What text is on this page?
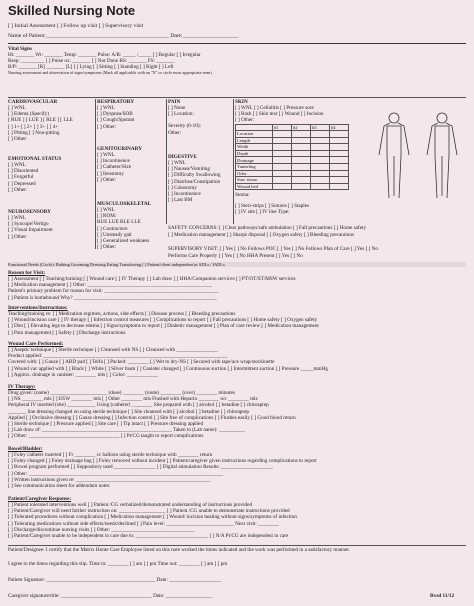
Skilled Nursing Note
[ ] Initial Assessment [ ] Follow up visit [ ] Supervisory visit
Name of Patient:____________________________________________ Date:____________________
Vital Signs
Ht: _______ Wt: _______ Temp: _______ Pulse: A/R: _____ /_____ [ ] Regular [ ] Irregular
Resp: _________ [ ] Pulse ox: _______ [ ] Not Done BS: _______ FS: _______
B/P: _______ [R] _______ [L] [ ] Lying [ ] Sitting [ ] Standing [ ] Right [ ] Left
Nursing assessment and observation of signs/symptoms (Mark all applicable with an "X" or circle most appropriate term)
CARDIOVASCULAR
[ ] WNL
[ ] Edema (Specify)
[ RUE ] [ LUE ] [ RLE ] [ LLE
[ ] 1+ [ ] 2+ [ ] 3+ [ ] 4+
[ ] Pitting [ ] Non-pitting
[ ] Other:
RESPIRATORY
[ ] WNL
[ ] Dyspnea/SOB
[ ] Cough/Sputum
[ ] Other:
PAIN
[ ] None
[ ] Location:
Severity (0-10):
Other:
EMOTIONAL STATUS
[ ] WNL
[ ] Disoriented
[ ] Forgetful
[ ] Depressed
[ ] Other:
GENITOURINARY
[ ] WNL
[ ] Incontinence
[ ] Catheter/Size
[ ] Ileostomy
[ ] Other:
DIGESTIVE
[ ] WNL
[ ] Nausea/Vomiting
[ ] Difficulty Swallowing
[ ] Diarrhea/Constipation
[ ] Colostomy
[ ] Incontinence
[ ] Last BM
NEUROSENSORY
[ ] WNL
[ ] Syncope/Vertigo
[ ] Visual Impairment
[ ] Other:
MUSCULOSKELETAL
[ ] WNL
[ ] ROM:
RUE LUE RLE LLE
[ ] Contracture
[ ] Unsteady gait
[ ] Generalized weakness
[ ] Other:
SKIN
[ ] WNL [ ] Cellulitis [ ] Pressure sore
[ ] Rash [ ] Skin tear [ ] Wound [ ] Incision
[ ] Other:
	#1	#2	#3	#4
Location				
Length				
Width				
Depth				
Drainage				
Tunneling				
Odor				
Surr. tissue				
Wound bed				
Stoma:
[ ] Steri-strips [ ] Sutures [ ] Staples
[ ] IV site [ ] IV line Type:
SAFETY CONCERNS: [ ] Clear pathways/safe ambulation [ ] Fall precautions [ ] Home safety
[ ] Medication management [ ] Sharps disposal [ ] Oxygen safety [ ] Bleeding precautions
SUPERVISORY VISIT: [ ] Yes [ ] No Follows POC [ ] Yes [ ] No Follows Plan of Care [ ] Yes [ ] No
Performs Care Properly [ ] Yes [ ] No HHA Present [ ] Yes [ ] No
Functional Needs (Circle): Bathing Grooming Dressing Eating Transferring [ ] Patient/client independent in ADLs / IADLs
Reason for Visit:
[ ] Assessment [ ] Teaching/training [ ] Wound care [ ] IV Therapy [ ] Lab draw [ ] HHA/Companion services [ ] PT/OT/ST/MSW services
[ ] Medication management [ ] Other: ________________________________________________
Patient's primary problem for reason for visit: ____________________________________________
[ ] Patient is homebound Why? _______________________________________________________
Interventions/Instructions:
Teaching/training re: [ ] Medication regimen, actions, side effects [ ] Disease process [ ] Bleeding precautions
[ ] Wound/incision care [ ] IV therapy [ ] Infection control measures [ ] Complications to report [ ] Fall precautions [ ] Home safety [ ] Oxygen safety
[ ] Diet [ ] Elevating legs to decrease edema [ ] Signs/symptoms to report [ ] Diabetic management [ ] Plan of care review [ ] Medication management
[ ] Pain management [ ] Safety [ ] Discharge instructions
Wound Care Performed:
[ ] Aseptic technique [ ] Sterile technique [ ] Cleansed with NS [ ] Cleansed with ________________
Product applied: _______________________________________________________________________
Covered with: [ ] Gauze [ ] ABD pad [ ] Telfa [ ] Packed: ________ [ ] Wet to dry-NS [ ] Secured with tape/ace wrap/stockinette
[ ] Wound vac applied with [ ] Black [ ] White [ ] Silver foam [ ] Canister changed [ ] Continuous suction [ ] Intermittent suction [ ] Pressure _____mmHg
[ ] Approx. drainage in canister: ________ mls [ ] Color: ____________
IV Therapy:
Drug given: (name) ______________________ (dose) ________ (route) ________ (over) ________ minutes
[ ] NS ________ mls [ ] D5W ________ mls [ ] Other ________ mls Flushed with Heparin ________ u/c ________ mls
Peripheral IV inserted (site) ___________ Using (catheter) ________ Site prepared with [ ] alcohol [ ] betadine [ ] chloraprep
_______ line dressing changed on using sterile technique [ ] Site cleansed with [ ] alcohol [ ] betadine [ ] chloraprep
Applied [ ] Occlusive dressing [ ] Gauze dressing [ ] Infection control [ ] Site free of complications [ ] Flushes easily [ ] Good blood return
[ ] Sterile technique [ ] Pressure applied [ ] Site care [ ] Tip intact [ ] Pressure dressing applied
[ ] Lab draw of: __________________________________________________ Taken to (Lab name): __________
[ ] Other: ___________________________________ [ ] Pt/CG taught to report complications
Bowel/Bladder:
[ ] Foley catheter inserted [ ] Fr ________ cc balloon using sterile technique with ________ return
[ ] Foley changed [ ] Foley drainage bag [ ] Foley removed without incident [ ] Patient/caregiver given instructions regarding complications to report
[ ] Bowel program performed [ ] Suppository used ________________ [ ] Digital stimulation Results: ____________________
[ ] Other: ___________________________________________________________________________
[ ] Written instructions given re: ____________________________________________________
[ ] See communication sheet for addendum notes
Patient/Caregiver Response:
[ ] Patient tolerated interventions well [ ] Patient /CG verbalized/demonstrated understanding of instructions provided
[ ] Patient/Caregiver will need further instruction on: __________________ [ ] Patient /CG unable to demonstrate instructions provided
[ ] Tolerated procedures without complication [ ] Medication management [ ] Wound/ incision healing without signs/symptoms of infection
[ ] Tolerating medications without side effects/needs/declined [ ] Pain level: __________________________ Next visit: ________
[ ] Discharge/discontinue nursing visits [ ] Other: ________________________________
[ ] Patient/Caregiver unable to be independent in care due to: ____________________________ [ ] N/A Pt/CG are independent in care
Patient/Designee: I certify that the Matrix Home Care Employee listed on this note worked the times indicated and the work was performed in a satisfactory manner.
I agree to the times regarding this slip. Time in: ________ [ ] am [ ] pm Time out: ________ [ ] am [ ] pm
Patient Signature: __________________________________________ Date: ____________________
Caregiver signature/title: ___________________________________ Date: __________________	Rvsd 11/12
